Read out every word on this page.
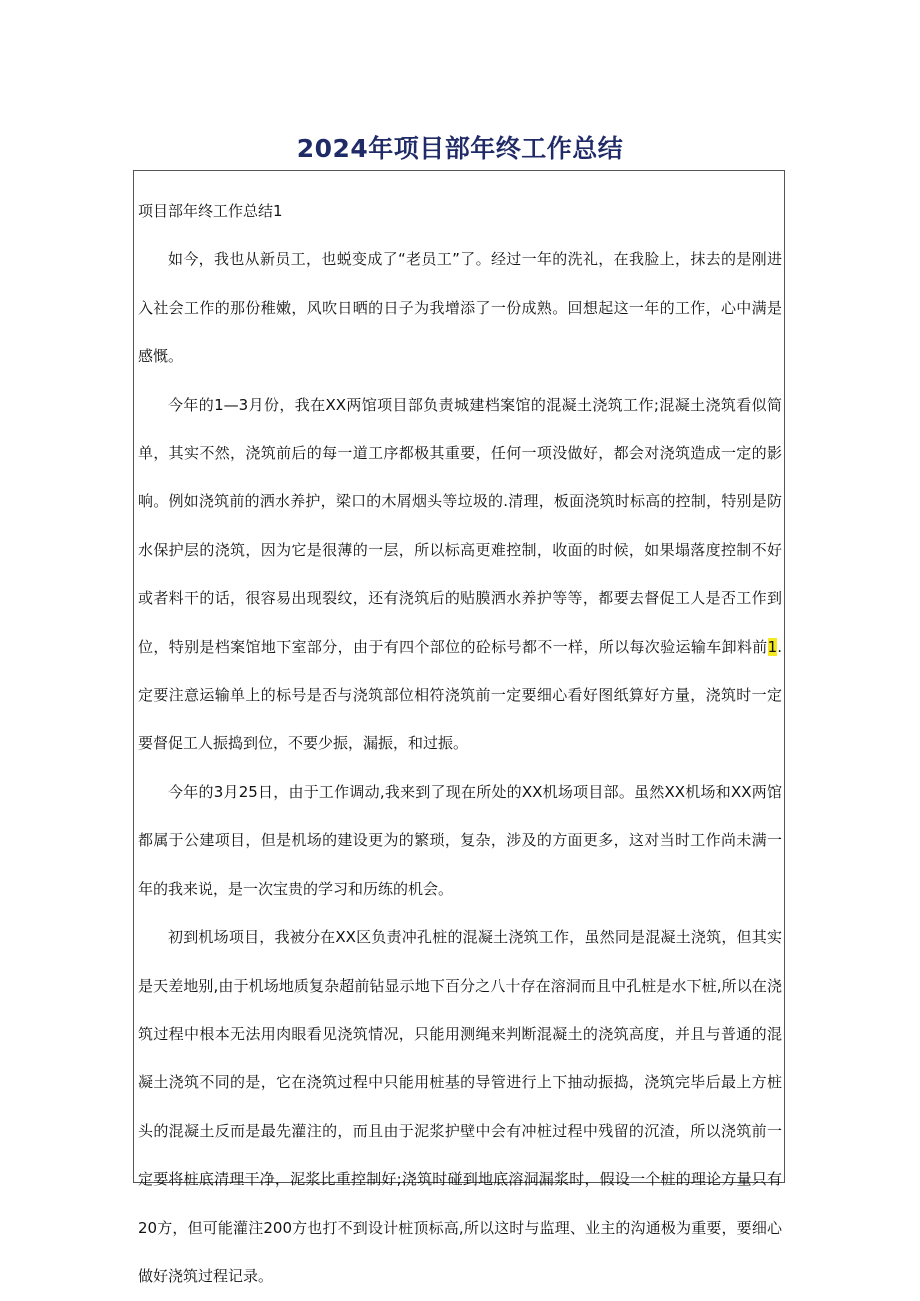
2024年项目部年终工作总结

项目部年终工作总结1

如今，我也从新员工，也蜕变成了“老员工”了。经过一年的洗礼，在我脸上，抹去的是刚进入社会工作的那份稚嫩，风吹日晒的日子为我增添了一份成熟。回想起这一年的工作，心中满是感慨。

今年的1—3月份，我在XX两馆项目部负责城建档案馆的混凝土浇筑工作;混凝土浇筑看似简单，其实不然，浇筑前后的每一道工序都极其重要，任何一项没做好，都会对浇筑造成一定的影响。例如浇筑前的洒水养护，梁口的木屑烟头等垃圾的.清理，板面浇筑时标高的控制，特别是防水保护层的浇筑，因为它是很薄的一层，所以标高更难控制，收面的时候，如果塌落度控制不好或者料干的话，很容易出现裂纹，还有浇筑后的贴膜洒水养护等等，都要去督促工人是否工作到位，特别是档案馆地下室部分，由于有四个部位的砼标号都不一样，所以每次验运输车卸料前1.定要注意运输单上的标号是否与浇筑部位相符浇筑前一定要细心看好图纸算好方量，浇筑时一定要督促工人振捣到位，不要少振，漏振，和过振。

今年的3月25日，由于工作调动,我来到了现在所处的XX机场项目部。虽然XX机场和XX两馆都属于公建项目，但是机场的建设更为的繁琐，复杂，涉及的方面更多，这对当时工作尚未满一年的我来说，是一次宝贵的学习和历练的机会。

初到机场项目，我被分在XX区负责冲孔桩的混凝土浇筑工作，虽然同是混凝土浇筑，但其实是天差地别,由于机场地质复杂超前钻显示地下百分之八十存在溶洞而且中孔桩是水下桩,所以在浇筑过程中根本无法用肉眼看见浇筑情况，只能用测绳来判断混凝土的浇筑高度，并且与普通的混凝土浇筑不同的是，它在浇筑过程中只能用桩基的导管进行上下抽动振捣，浇筑完毕后最上方桩头的混凝土反而是最先灌注的，而且由于泥浆护壁中会有冲桩过程中残留的沉渣，所以浇筑前一定要将桩底清理干净，泥浆比重控制好;浇筑时碰到地底溶洞漏浆时，假设一个桩的理论方量只有20方，但可能灌注200方也打不到设计桩顶标高,所以这时与监理、业主的沟通极为重要，要细心做好浇筑过程记录。
